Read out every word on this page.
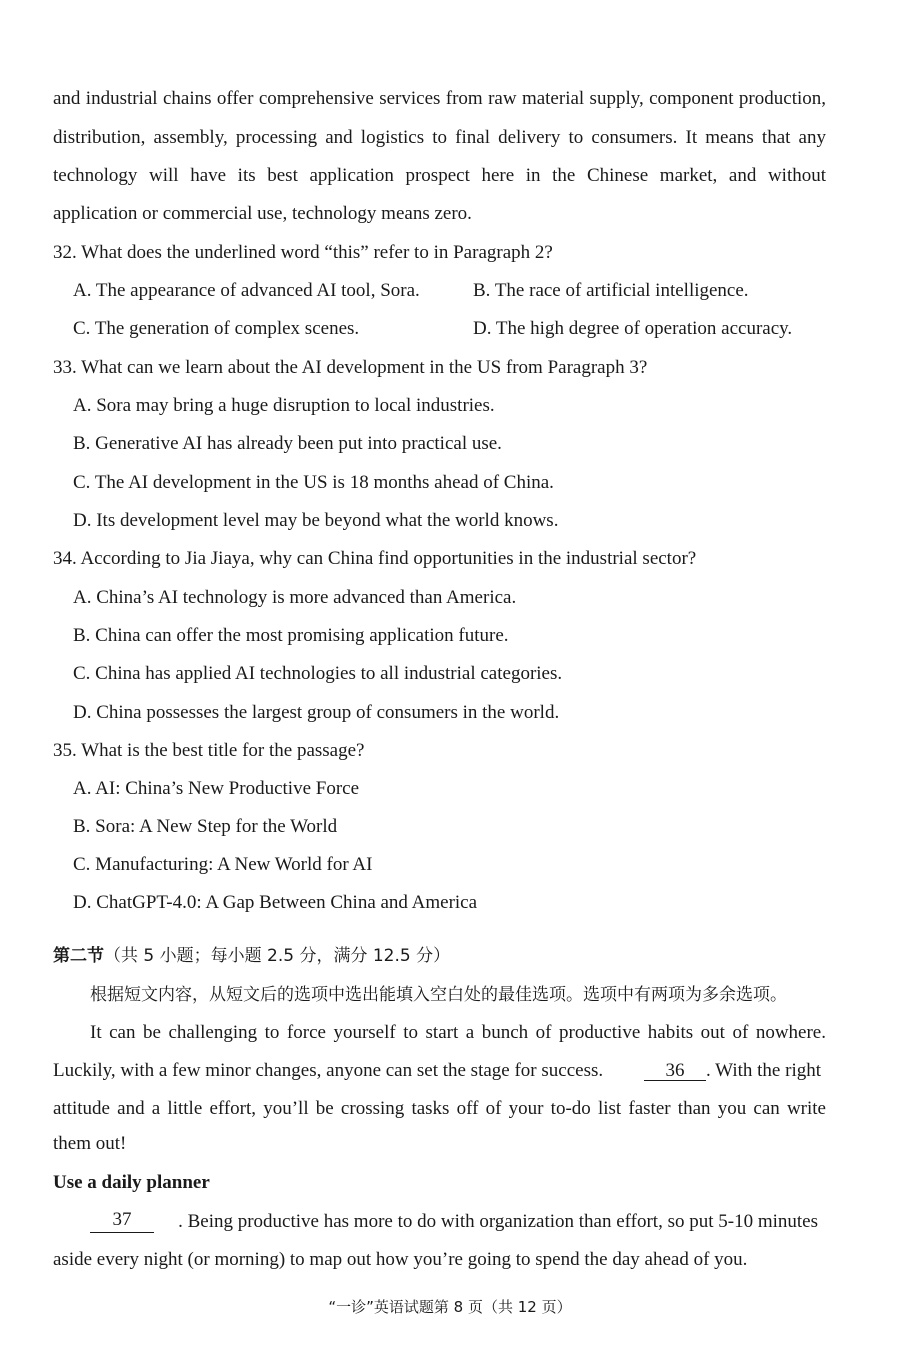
and industrial chains offer comprehensive services from raw material supply, component production,
distribution, assembly, processing and logistics to final delivery to consumers. It means that any
technology will have its best application prospect here in the Chinese market, and without
application or commercial use, technology means zero.
32. What does the underlined word “this” refer to in Paragraph 2?
A. The appearance of advanced AI tool, Sora.	B. The race of artificial intelligence.
C. The generation of complex scenes.	D. The high degree of operation accuracy.
33. What can we learn about the AI development in the US from Paragraph 3?
A. Sora may bring a huge disruption to local industries.
B. Generative AI has already been put into practical use.
C. The AI development in the US is 18 months ahead of China.
D. Its development level may be beyond what the world knows.
34. According to Jia Jiaya, why can China find opportunities in the industrial sector?
A. China’s AI technology is more advanced than America.
B. China can offer the most promising application future.
C. China has applied AI technologies to all industrial categories.
D. China possesses the largest group of consumers in the world.
35. What is the best title for the passage?
A. AI: China’s New Productive Force
B. Sora: A New Step for the World
C. Manufacturing: A New World for AI
D. ChatGPT-4.0: A Gap Between China and America
第二节（共 5 小题；每小题 2.5 分，满分 12.5 分）
根据短文内容，从短文后的选项中选出能填入空白处的最佳选项。选项中有两项为多余选项。
It can be challenging to force yourself to start a bunch of productive habits out of nowhere.
Luckily, with a few minor changes, anyone can set the stage for success.	36 . With the right
attitude and a little effort, you’ll be crossing tasks off of your to-do list faster than you can write
them out!
Use a daily planner
37	. Being productive has more to do with organization than effort, so put 5-10 minutes
aside every night (or morning) to map out how you’re going to spend the day ahead of you.
“一诊”英语试题第 8 页（共 12 页）
